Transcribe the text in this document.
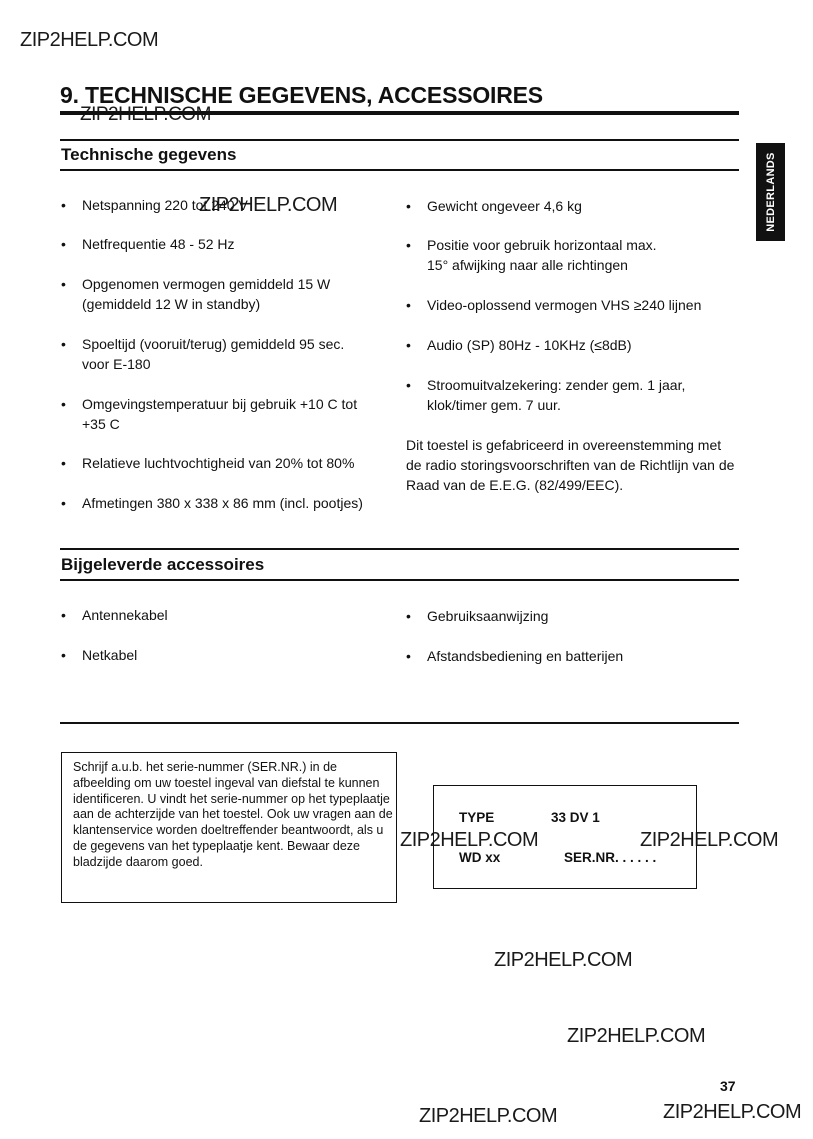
ZIP2HELP.COM
ZIP2HELP.COM
ZIP2HELP.COM	ZIP2HELP.COM
ZIP2HELP.COM
ZIP2HELP.COM
ZIP2HELP.COM	ZIP2HELP.COM
9. TECHNISCHE GEGEVENS, ACCESSOIRES
NEDERLANDS
Technische gegevens
• Netspanning 220 tot 240 V
• Netfrequentie 48 - 52 Hz
• Opgenomen vermogen gemiddeld 15 W
(gemiddeld 12 W in standby)
• Spoeltijd (vooruit/terug) gemiddeld 95 sec.
voor E-180
• Omgevingstemperatuur bij gebruik +10 C tot
+35 C
• Relatieve luchtvochtigheid van 20% tot 80%
• Afmetingen 380 x 338 x 86 mm (incl. pootjes)
• Gewicht ongeveer 4,6 kg
• Positie voor gebruik horizontaal max.
15° afwijking naar alle richtingen
• Video-oplossend vermogen VHS ≥240 lijnen
• Audio (SP) 80Hz - 10KHz (≤8dB)
• Stroomuitvalzekering: zender gem. 1 jaar,
klok/timer gem. 7 uur.
Dit toestel is gefabriceerd in overeenstemming met de radio storingsvoorschriften van de Richtlijn van de Raad van de E.E.G. (82/499/EEC).
Bijgeleverde accessoires
• Antennekabel
• Netkabel
• Gebruiksaanwijzing
• Afstandsbediening en batterijen
Schrijf a.u.b. het serie-nummer (SER.NR.) in de afbeelding om uw toestel ingeval van diefstal te kunnen identificeren. U vindt het serie-nummer op het typeplaatje aan de achterzijde van het toestel. Ook uw vragen aan de klantenservice worden doeltreffender beantwoordt, als u de gegevens van het typeplaatje kent. Bewaar deze bladzijde daarom goed.
TYPE	33 DV 1
WD xx	SER.NR. . . . . .
37
